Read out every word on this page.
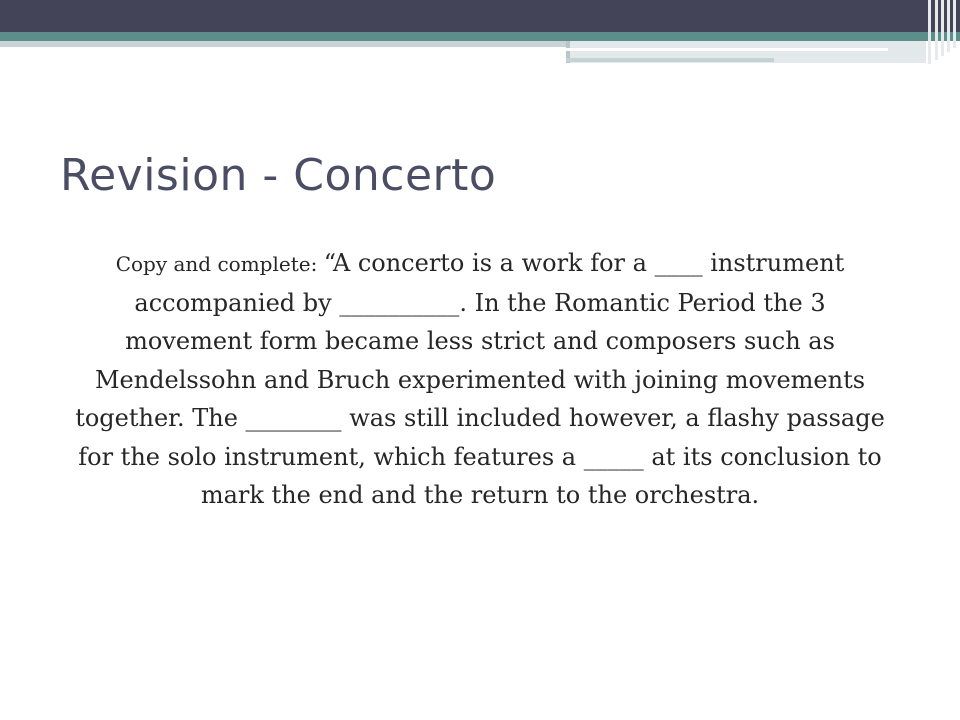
Revision - Concerto

Copy and complete: “A concerto is a work for a ____ instrument accompanied by __________. In the Romantic Period the 3 movement form became less strict and composers such as Mendelssohn and Bruch experimented with joining movements together. The ________ was still included however, a flashy passage for the solo instrument, which features a _____ at its conclusion to mark the end and the return to the orchestra.
